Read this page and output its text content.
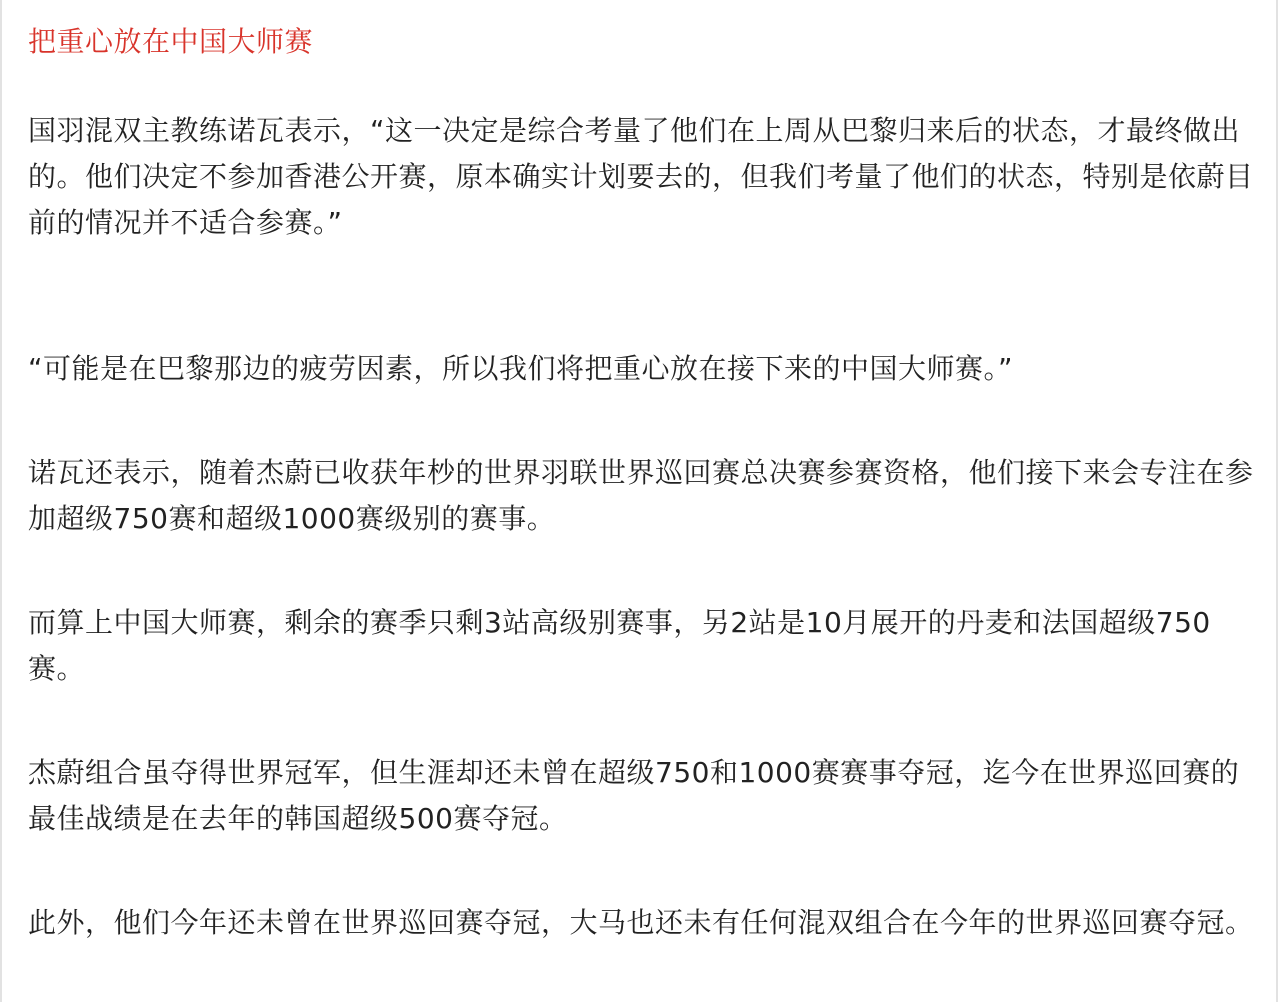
把重心放在中国大师赛

国羽混双主教练诺瓦表示，“这一决定是综合考量了他们在上周从巴黎归来后的状态，才最终做出的。他们决定不参加香港公开赛，原本确实计划要去的，但我们考量了他们的状态，特别是依蔚目前的情况并不适合参赛。”

“可能是在巴黎那边的疲劳因素，所以我们将把重心放在接下来的中国大师赛。”

诺瓦还表示，随着杰蔚已收获年杪的世界羽联世界巡回赛总决赛参赛资格，他们接下来会专注在参加超级750赛和超级1000赛级别的赛事。

而算上中国大师赛，剩余的赛季只剩3站高级别赛事，另2站是10月展开的丹麦和法国超级750赛。

杰蔚组合虽夺得世界冠军，但生涯却还未曾在超级750和1000赛赛事夺冠，迄今在世界巡回赛的最佳战绩是在去年的韩国超级500赛夺冠。

此外，他们今年还未曾在世界巡回赛夺冠，大马也还未有任何混双组合在今年的世界巡回赛夺冠。
